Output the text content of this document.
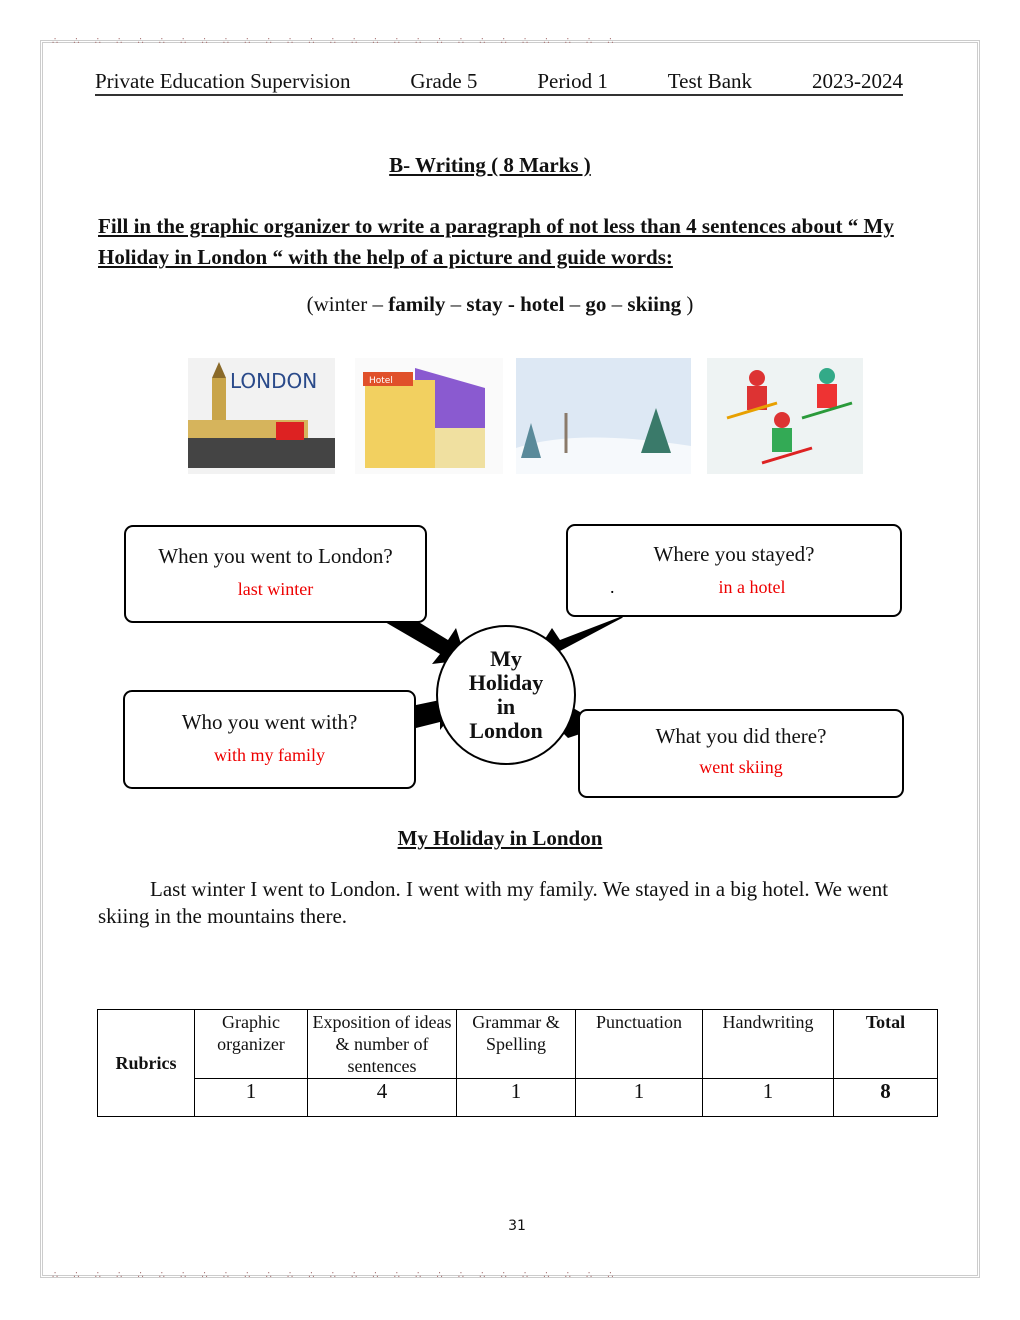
∴  ∴  ∴  ∴  ∴  ∴  ∴  ∴  ∴  ∴  ∴  ∴  ∴  ∴  ∴  ∴  ∴  ∴  ∴  ∴  ∴  ∴  ∴  ∴  ∴  ∴  ∴
∴  ∴  ∴  ∴  ∴  ∴  ∴  ∴  ∴  ∴  ∴  ∴  ∴  ∴  ∴  ∴  ∴  ∴  ∴  ∴  ∴  ∴  ∴  ∴  ∴  ∴  ∴
Private Education Supervision	Grade 5	Period 1	Test Bank	2023-2024
B- Writing ( 8 Marks )
Fill in the graphic organizer to write a paragraph of not less than 4 sentences about “ My Holiday in London “ with the help of a picture and guide words:
(winter – family – stay - hotel – go – skiing )
LONDON	Hotel
When you went to London?
last winter
Where you stayed?
.	in a hotel
Who you went with?
with my family
What you did there?
went skiing
My
Holiday
in
London
My Holiday in London
Last winter I went to London. I went with my family. We stayed in a big hotel. We went skiing in the mountains there.
Rubrics	Graphic organizer	Exposition of ideas & number of sentences	Grammar & Spelling	Punctuation	Handwriting	Total
	1	4	1	1	1	8
31
